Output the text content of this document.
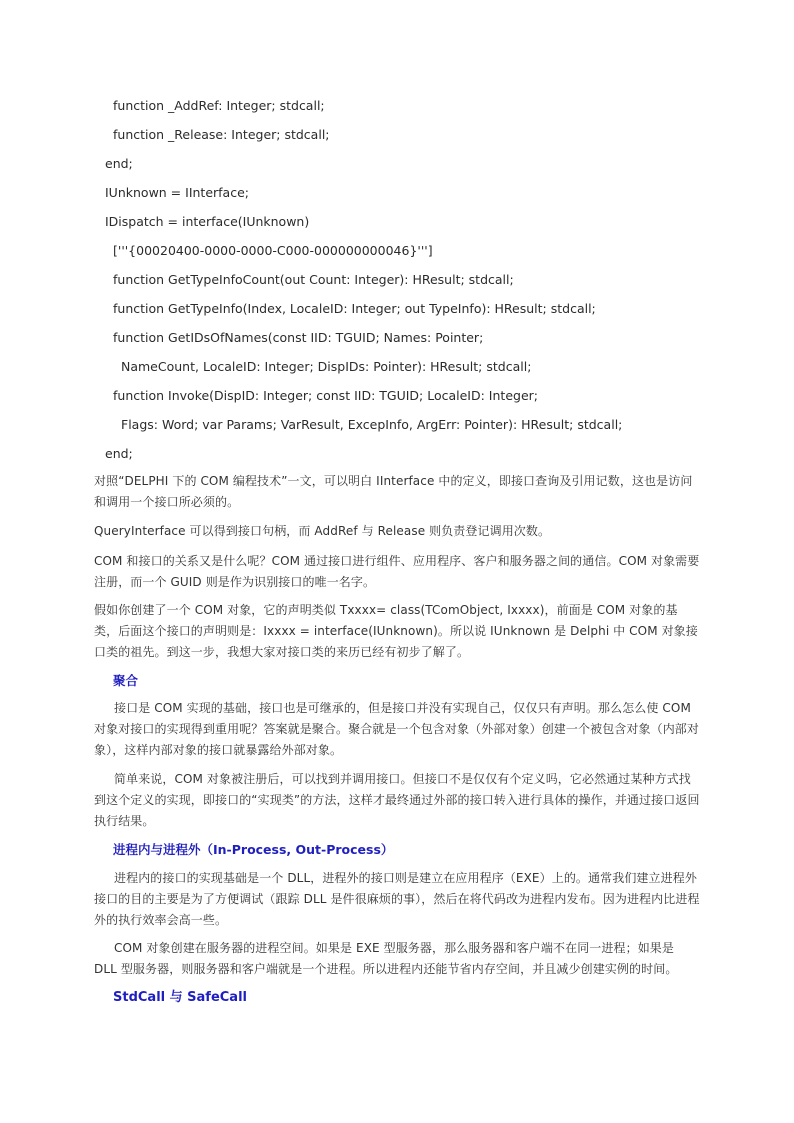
function _AddRef: Integer; stdcall;
function _Release: Integer; stdcall;
end;
IUnknown = IInterface;
IDispatch = interface(IUnknown)
['''{00020400-0000-0000-C000-000000000046}''']
function GetTypeInfoCount(out Count: Integer): HResult; stdcall;
function GetTypeInfo(Index, LocaleID: Integer; out TypeInfo): HResult; stdcall;
function GetIDsOfNames(const IID: TGUID; Names: Pointer;
NameCount, LocaleID: Integer; DispIDs: Pointer): HResult; stdcall;
function Invoke(DispID: Integer; const IID: TGUID; LocaleID: Integer;
Flags: Word; var Params; VarResult, ExcepInfo, ArgErr: Pointer): HResult; stdcall;
end;
对照“DELPHI 下的 COM 编程技术”一文，可以明白 IInterface 中的定义，即接口查询及引用记数，这也是访问和调用一个接口所必须的。
QueryInterface 可以得到接口句柄，而 AddRef 与 Release 则负责登记调用次数。
COM 和接口的关系又是什么呢？COM 通过接口进行组件、应用程序、客户和服务器之间的通信。COM 对象需要注册，而一个 GUID 则是作为识别接口的唯一名字。
假如你创建了一个 COM 对象，它的声明类似 Txxxx= class(TComObject, Ixxxx)，前面是 COM 对象的基类，后面这个接口的声明则是：Ixxxx = interface(IUnknown)。所以说 IUnknown 是 Delphi 中 COM 对象接口类的祖先。到这一步，我想大家对接口类的来历已经有初步了解了。
聚合
接口是 COM 实现的基础，接口也是可继承的，但是接口并没有实现自己，仅仅只有声明。那么怎么使 COM 对象对接口的实现得到重用呢？答案就是聚合。聚合就是一个包含对象（外部对象）创建一个被包含对象（内部对象），这样内部对象的接口就暴露给外部对象。
简单来说，COM 对象被注册后，可以找到并调用接口。但接口不是仅仅有个定义吗，它必然通过某种方式找到这个定义的实现，即接口的“实现类”的方法，这样才最终通过外部的接口转入进行具体的操作，并通过接口返回执行结果。
进程内与进程外（In-Process, Out-Process）
进程内的接口的实现基础是一个 DLL，进程外的接口则是建立在应用程序（EXE）上的。通常我们建立进程外接口的目的主要是为了方便调试（跟踪 DLL 是件很麻烦的事），然后在将代码改为进程内发布。因为进程内比进程外的执行效率会高一些。
COM 对象创建在服务器的进程空间。如果是 EXE 型服务器，那么服务器和客户端不在同一进程；如果是 DLL 型服务器，则服务器和客户端就是一个进程。所以进程内还能节省内存空间，并且减少创建实例的时间。
StdCall 与 SafeCall
